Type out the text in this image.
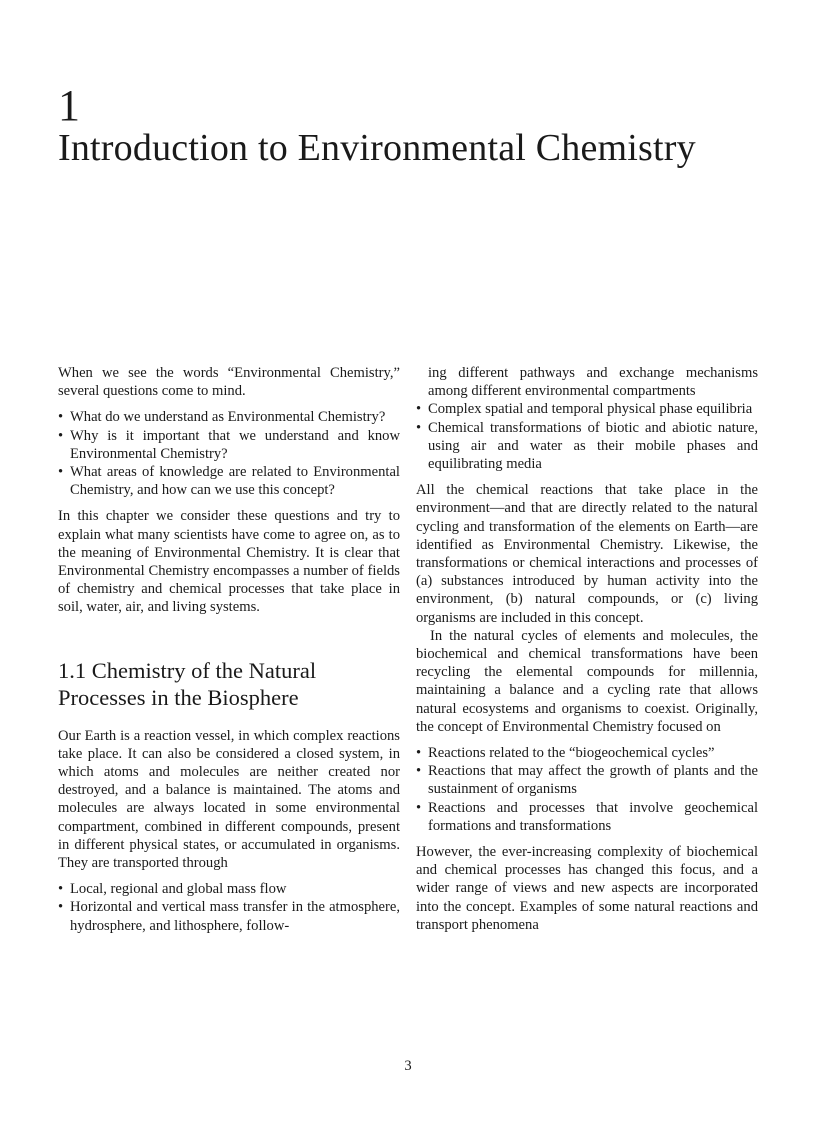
1
Introduction to Environmental Chemistry

When we see the words “Environmental Chemistry,” several questions come to mind.

• What do we understand as Environmental Chemistry?
• Why is it important that we understand and know Environmental Chemistry?
• What areas of knowledge are related to Environmental Chemistry, and how can we use this concept?

In this chapter we consider these questions and try to explain what many scientists have come to agree on, as to the meaning of Environmental Chemistry. It is clear that Environmental Chemistry encompasses a number of fields of chemistry and chemical processes that take place in soil, water, air, and living systems.

1.1 Chemistry of the Natural Processes in the Biosphere

Our Earth is a reaction vessel, in which complex reactions take place. It can also be considered a closed system, in which atoms and molecules are neither created nor destroyed, and a balance is maintained. The atoms and molecules are always located in some environmental compartment, combined in different compounds, present in different physical states, or accumulated in organisms. They are transported through

• Local, regional and global mass flow
• Horizontal and vertical mass transfer in the atmosphere, hydrosphere, and lithosphere, follow-
ing different pathways and exchange mechanisms among different environmental compartments
• Complex spatial and temporal physical phase equilibria
• Chemical transformations of biotic and abiotic nature, using air and water as their mobile phases and equilibrating media

All the chemical reactions that take place in the environment—and that are directly related to the natural cycling and transformation of the elements on Earth—are identified as Environmental Chemistry. Likewise, the transformations or chemical interactions and processes of (a) substances introduced by human activity into the environment, (b) natural compounds, or (c) living organisms are included in this concept.

In the natural cycles of elements and molecules, the biochemical and chemical transformations have been recycling the elemental compounds for millennia, maintaining a balance and a cycling rate that allows natural ecosystems and organisms to coexist. Originally, the concept of Environmental Chemistry focused on

• Reactions related to the “biogeochemical cycles”
• Reactions that may affect the growth of plants and the sustainment of organisms
• Reactions and processes that involve geochemical formations and transformations

However, the ever-increasing complexity of biochemical and chemical processes has changed this focus, and a wider range of views and new aspects are incorporated into the concept. Examples of some natural reactions and transport phenomena

3
